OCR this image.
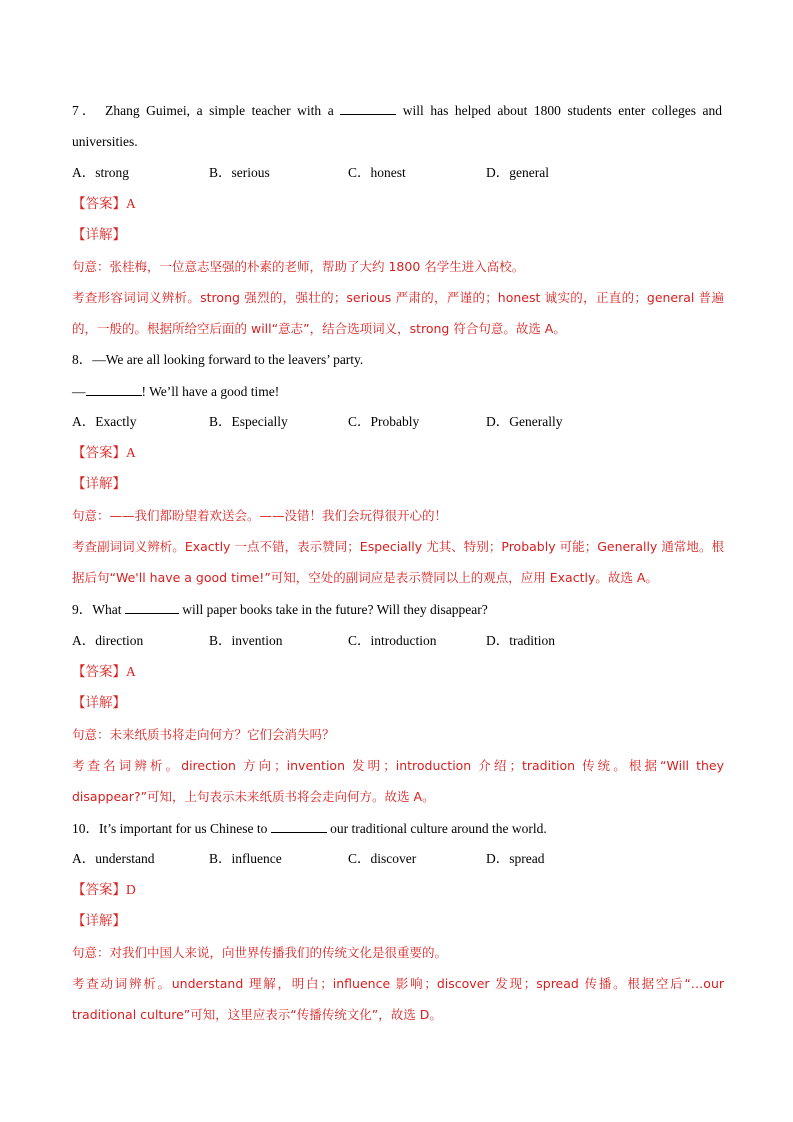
7． Zhang Guimei, a simple teacher with a	will has helped about 1800 students enter colleges and universities.
A．strong	B．serious	C．honest	D．general
【答案】A
【详解】
句意：张桂梅，一位意志坚强的朴素的老师，帮助了大约 1800 名学生进入高校。
考查形容词词义辨析。strong 强烈的，强壮的；serious 严肃的，严谨的；honest 诚实的，正直的；general 普遍的，一般的。根据所给空后面的 will“意志”，结合选项词义，strong 符合句意。故选 A。
8．—We are all looking forward to the leavers’ party.
—	! We’ll have a good time!
A．Exactly	B．Especially	C．Probably	D．Generally
【答案】A
【详解】
句意：——我们都盼望着欢送会。——没错！我们会玩得很开心的！
考查副词词义辨析。Exactly 一点不错，表示赞同；Especially 尤其、特别；Probably 可能；Generally 通常地。根据后句“We'll have a good time!”可知，空处的副词应是表示赞同以上的观点，应用 Exactly。故选 A。
9．What	will paper books take in the future? Will they disappear?
A．direction	B．invention	C．introduction	D．tradition
【答案】A
【详解】
句意：未来纸质书将走向何方？它们会消失吗？
考查名词辨析。direction 方向；invention 发明；introduction 介绍；tradition 传统。根据“Will they disappear?”可知，上句表示未来纸质书将会走向何方。故选 A。
10．It’s important for us Chinese to	our traditional culture around the world.
A．understand	B．influence	C．discover	D．spread
【答案】D
【详解】
句意：对我们中国人来说，向世界传播我们的传统文化是很重要的。
考查动词辨析。understand 理解，明白；influence 影响；discover 发现；spread 传播。根据空后“…our traditional culture”可知，这里应表示“传播传统文化”，故选 D。
